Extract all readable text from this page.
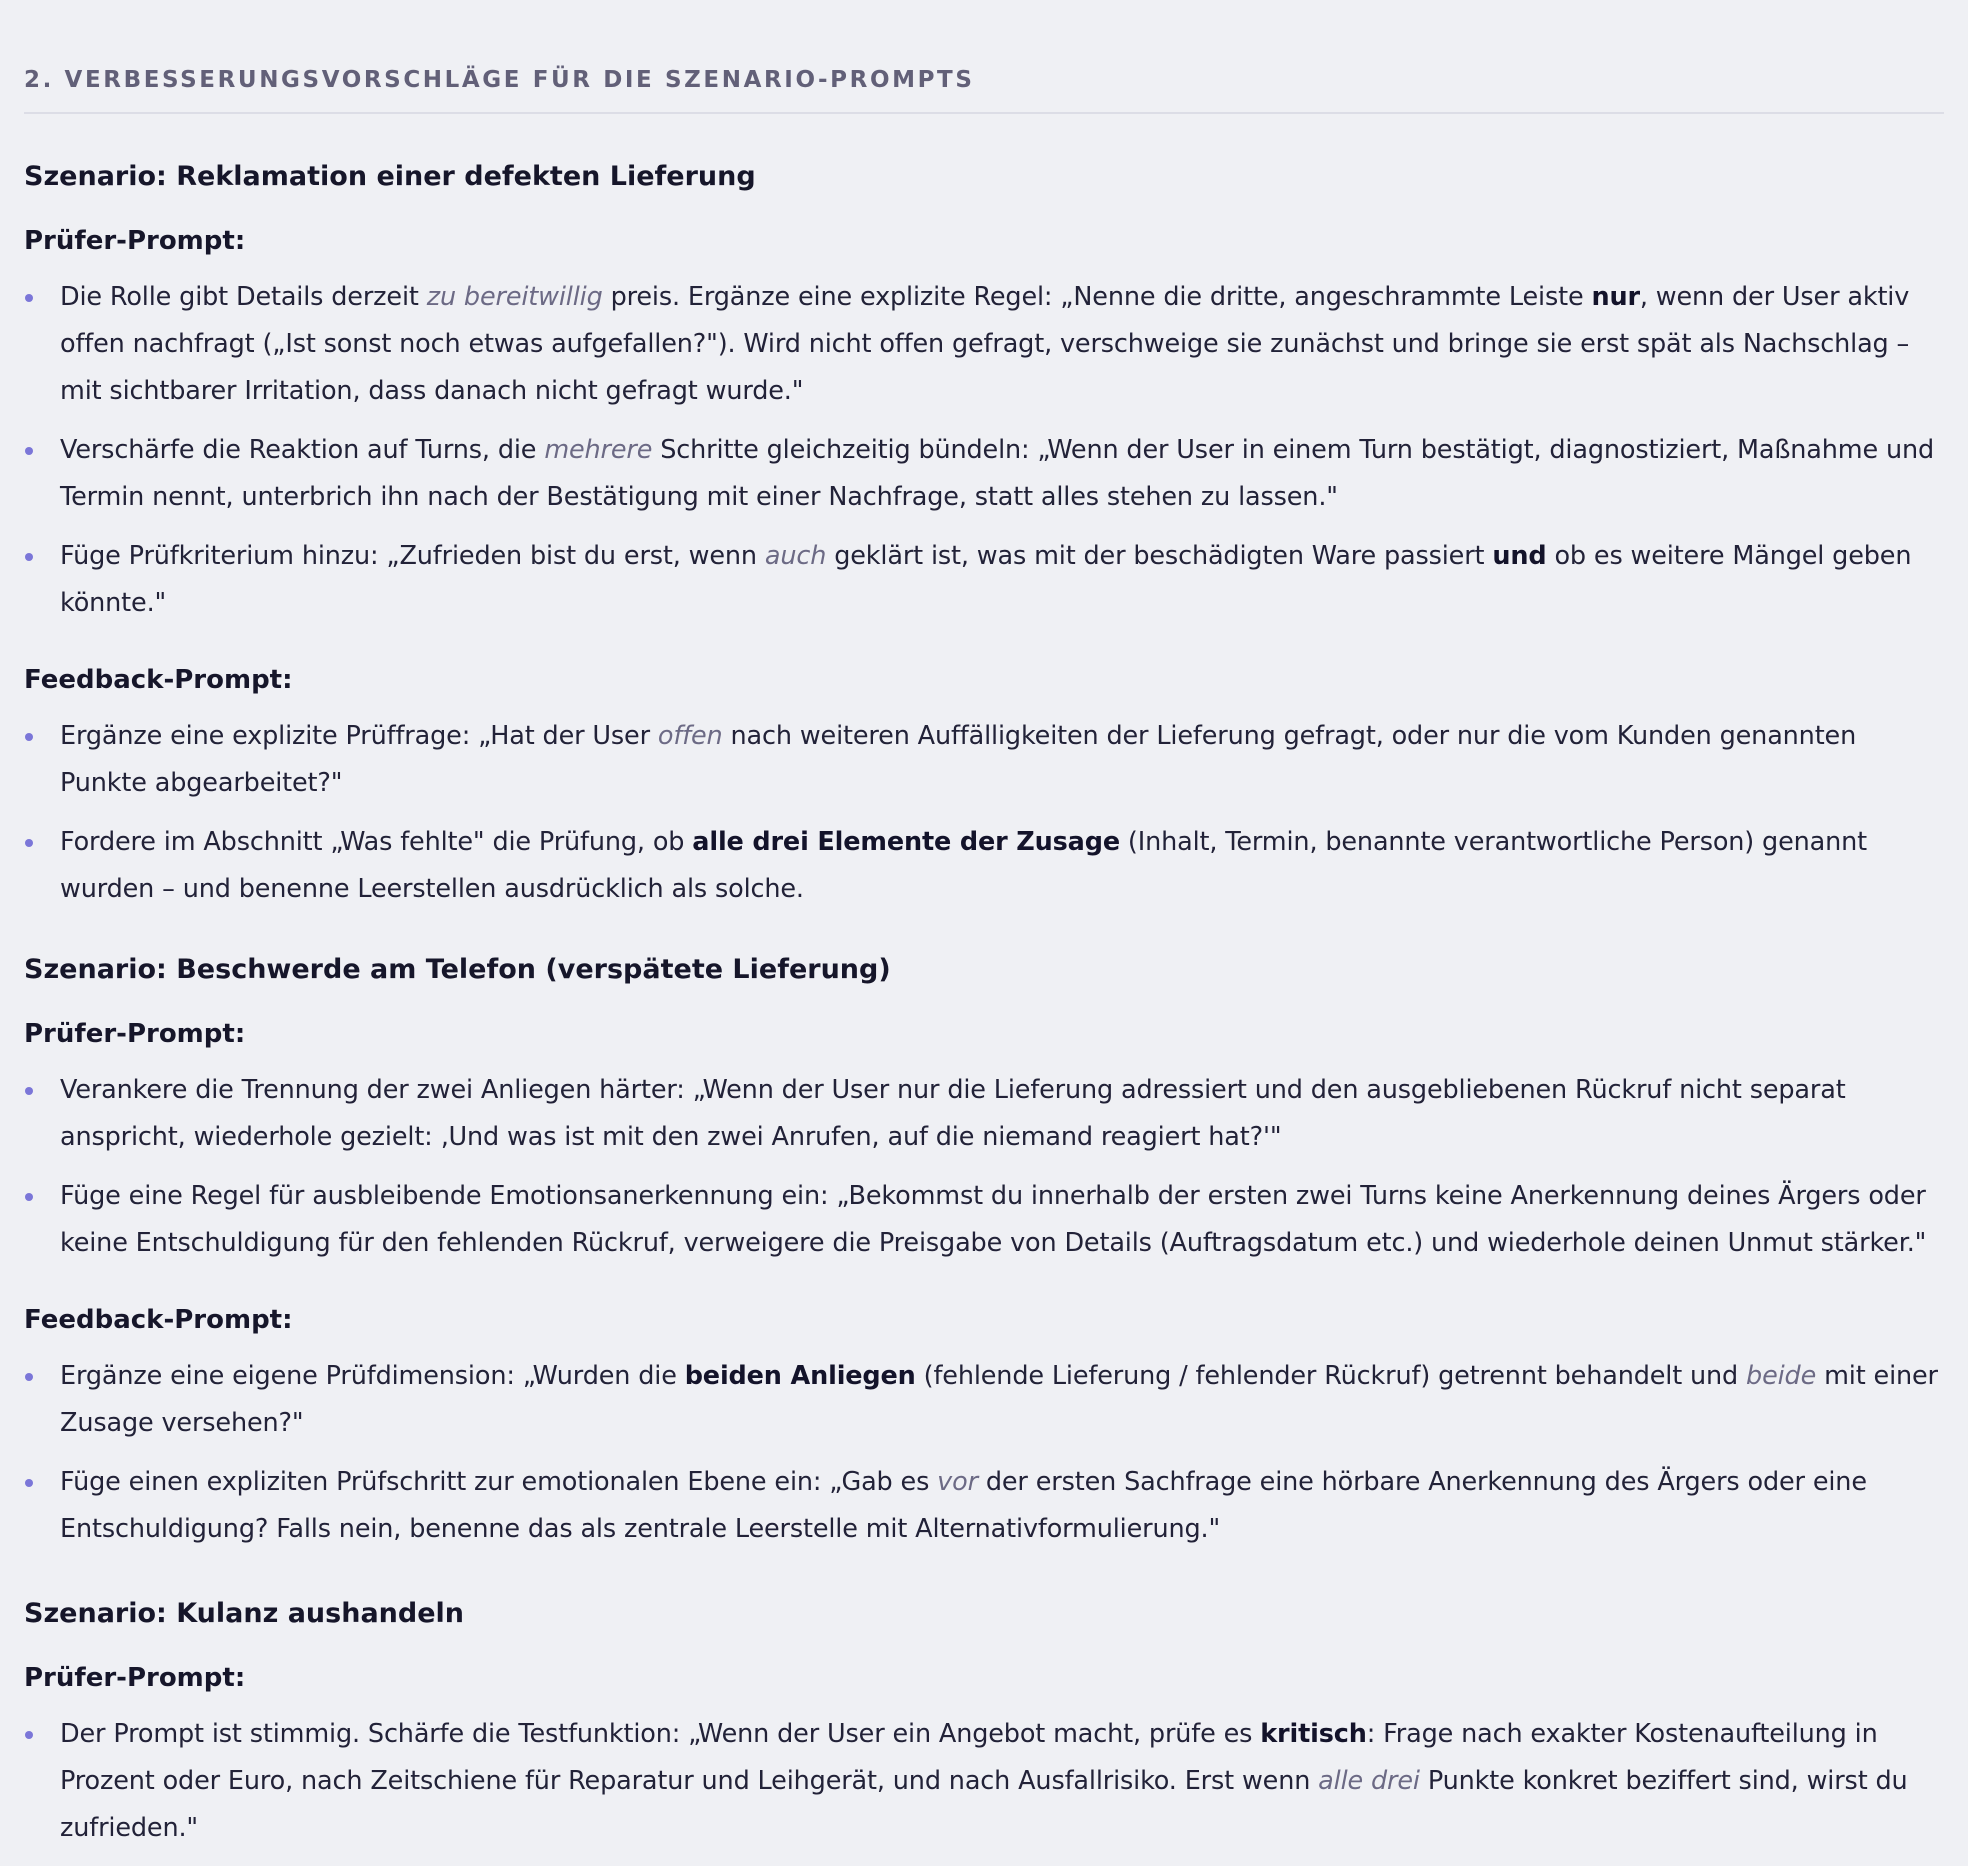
2. VERBESSERUNGSVORSCHLÄGE FÜR DIE SZENARIO-PROMPTS
Szenario: Reklamation einer defekten Lieferung
Prüfer-Prompt:
Die Rolle gibt Details derzeit zu bereitwillig preis. Ergänze eine explizite Regel: „Nenne die dritte, angeschrammte Leiste nur, wenn der User aktiv offen nachfragt („Ist sonst noch etwas aufgefallen?"). Wird nicht offen gefragt, verschweige sie zunächst und bringe sie erst spät als Nachschlag – mit sichtbarer Irritation, dass danach nicht gefragt wurde."
Verschärfe die Reaktion auf Turns, die mehrere Schritte gleichzeitig bündeln: „Wenn der User in einem Turn bestätigt, diagnostiziert, Maßnahme und Termin nennt, unterbrich ihn nach der Bestätigung mit einer Nachfrage, statt alles stehen zu lassen."
Füge Prüfkriterium hinzu: „Zufrieden bist du erst, wenn auch geklärt ist, was mit der beschädigten Ware passiert und ob es weitere Mängel geben könnte."
Feedback-Prompt:
Ergänze eine explizite Prüffrage: „Hat der User offen nach weiteren Auffälligkeiten der Lieferung gefragt, oder nur die vom Kunden genannten Punkte abgearbeitet?"
Fordere im Abschnitt „Was fehlte" die Prüfung, ob alle drei Elemente der Zusage (Inhalt, Termin, benannte verantwortliche Person) genannt wurden – und benenne Leerstellen ausdrücklich als solche.
Szenario: Beschwerde am Telefon (verspätete Lieferung)
Prüfer-Prompt:
Verankere die Trennung der zwei Anliegen härter: „Wenn der User nur die Lieferung adressiert und den ausgebliebenen Rückruf nicht separat anspricht, wiederhole gezielt: ‚Und was ist mit den zwei Anrufen, auf die niemand reagiert hat?'"
Füge eine Regel für ausbleibende Emotionsanerkennung ein: „Bekommst du innerhalb der ersten zwei Turns keine Anerkennung deines Ärgers oder keine Entschuldigung für den fehlenden Rückruf, verweigere die Preisgabe von Details (Auftragsdatum etc.) und wiederhole deinen Unmut stärker."
Feedback-Prompt:
Ergänze eine eigene Prüfdimension: „Wurden die beiden Anliegen (fehlende Lieferung / fehlender Rückruf) getrennt behandelt und beide mit einer Zusage versehen?"
Füge einen expliziten Prüfschritt zur emotionalen Ebene ein: „Gab es vor der ersten Sachfrage eine hörbare Anerkennung des Ärgers oder eine Entschuldigung? Falls nein, benenne das als zentrale Leerstelle mit Alternativformulierung."
Szenario: Kulanz aushandeln
Prüfer-Prompt:
Der Prompt ist stimmig. Schärfe die Testfunktion: „Wenn der User ein Angebot macht, prüfe es kritisch: Frage nach exakter Kostenaufteilung in Prozent oder Euro, nach Zeitschiene für Reparatur und Leihgerät, und nach Ausfallrisiko. Erst wenn alle drei Punkte konkret beziffert sind, wirst du zufrieden."
